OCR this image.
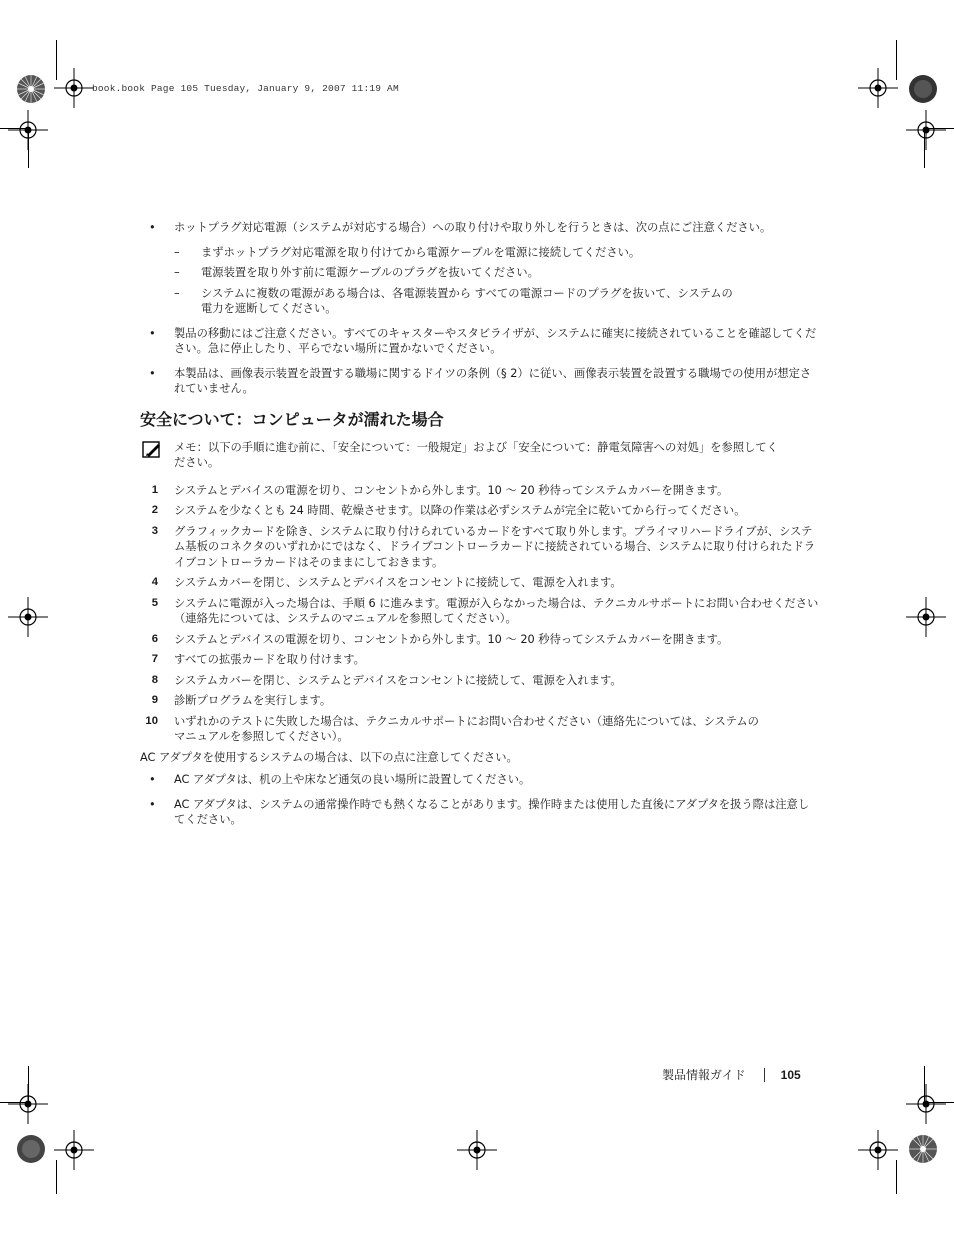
book.book Page 105 Tuesday, January 9, 2007 11:19 AM
• ホットプラグ対応電源（システムが対応する場合）への取り付けや取り外しを行うときは、次の点にご注意ください。
– まずホットプラグ対応電源を取り付けてから電源ケーブルを電源に接続してください。
– 電源装置を取り外す前に電源ケーブルのプラグを抜いてください。
– システムに複数の電源がある場合は、各電源装置から すべての電源コードのプラグを抜いて、システムの電力を遮断してください。
• 製品の移動にはご注意ください。すべてのキャスターやスタビライザが、システムに確実に接続されていることを確認してください。急に停止したり、平らでない場所に置かないでください。
• 本製品は、画像表示装置を設置する職場に関するドイツの条例（§ 2）に従い、画像表示装置を設置する職場での使用が想定されていません。
安全について：コンピュータが濡れた場合
メモ：以下の手順に進む前に、「安全について：一般規定」および「安全について：静電気障害への対処」を参照してください。
1 システムとデバイスの電源を切り、コンセントから外します。10 〜 20 秒待ってシステムカバーを開きます。
2 システムを少なくとも 24 時間、乾燥させます。以降の作業は必ずシステムが完全に乾いてから行ってください。
3 グラフィックカードを除き、システムに取り付けられているカードをすべて取り外します。プライマリハードライブが、システム基板のコネクタのいずれかにではなく、ドライブコントローラカードに接続されている場合、システムに取り付けられたドライブコントローラカードはそのままにしておきます。
4 システムカバーを閉じ、システムとデバイスをコンセントに接続して、電源を入れます。
5 システムに電源が入った場合は、手順 6 に進みます。電源が入らなかった場合は、テクニカルサポートにお問い合わせください（連絡先については、システムのマニュアルを参照してください）。
6 システムとデバイスの電源を切り、コンセントから外します。10 〜 20 秒待ってシステムカバーを開きます。
7 すべての拡張カードを取り付けます。
8 システムカバーを閉じ、システムとデバイスをコンセントに接続して、電源を入れます。
9 診断プログラムを実行します。
10 いずれかのテストに失敗した場合は、テクニカルサポートにお問い合わせください（連絡先については、システムのマニュアルを参照してください）。

AC アダプタを使用するシステムの場合は、以下の点に注意してください。

• AC アダプタは、机の上や床など通気の良い場所に設置してください。
• AC アダプタは、システムの通常操作時でも熱くなることがあります。操作時または使用した直後にアダプタを扱う際は注意してください。
製品情報ガイド	105
